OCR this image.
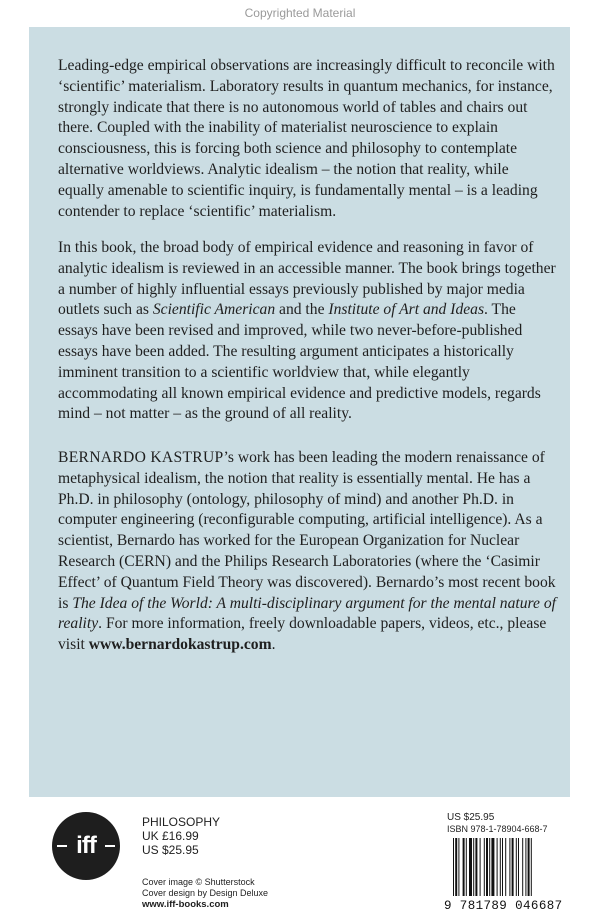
Copyrighted Material

Leading-edge empirical observations are increasingly difficult to reconcile with ‘scientific’ materialism. Laboratory results in quantum mechanics, for instance, strongly indicate that there is no autonomous world of tables and chairs out there. Coupled with the inability of materialist neuroscience to explain consciousness, this is forcing both science and philosophy to contemplate alternative worldviews. Analytic idealism – the notion that reality, while equally amenable to scientific inquiry, is fundamentally mental – is a leading contender to replace ‘scientific’ materialism.

In this book, the broad body of empirical evidence and reasoning in favor of analytic idealism is reviewed in an accessible manner. The book brings together a number of highly influential essays previously published by major media outlets such as Scientific American and the Institute of Art and Ideas. The essays have been revised and improved, while two never-before-published essays have been added. The resulting argument anticipates a historically imminent transition to a scientific worldview that, while elegantly accommodating all known empirical evidence and predictive models, regards mind – not matter – as the ground of all reality.

BERNARDO KASTRUP’s work has been leading the modern renaissance of metaphysical idealism, the notion that reality is essentially mental. He has a Ph.D. in philosophy (ontology, philosophy of mind) and another Ph.D. in computer engineering (reconfigurable computing, artificial intelligence). As a scientist, Bernardo has worked for the European Organization for Nuclear Research (CERN) and the Philips Research Laboratories (where the ‘Casimir Effect’ of Quantum Field Theory was discovered). Bernardo’s most recent book is The Idea of the World: A multi-disciplinary argument for the mental nature of reality. For more information, freely downloadable papers, videos, etc., please visit www.bernardokastrup.com.

iff
PHILOSOPHY
UK £16.99
US $25.95
Cover image © Shutterstock
Cover design by Design Deluxe
www.iff-books.com
US $25.95
ISBN 978-1-78904-668-7
9 781789 046687
